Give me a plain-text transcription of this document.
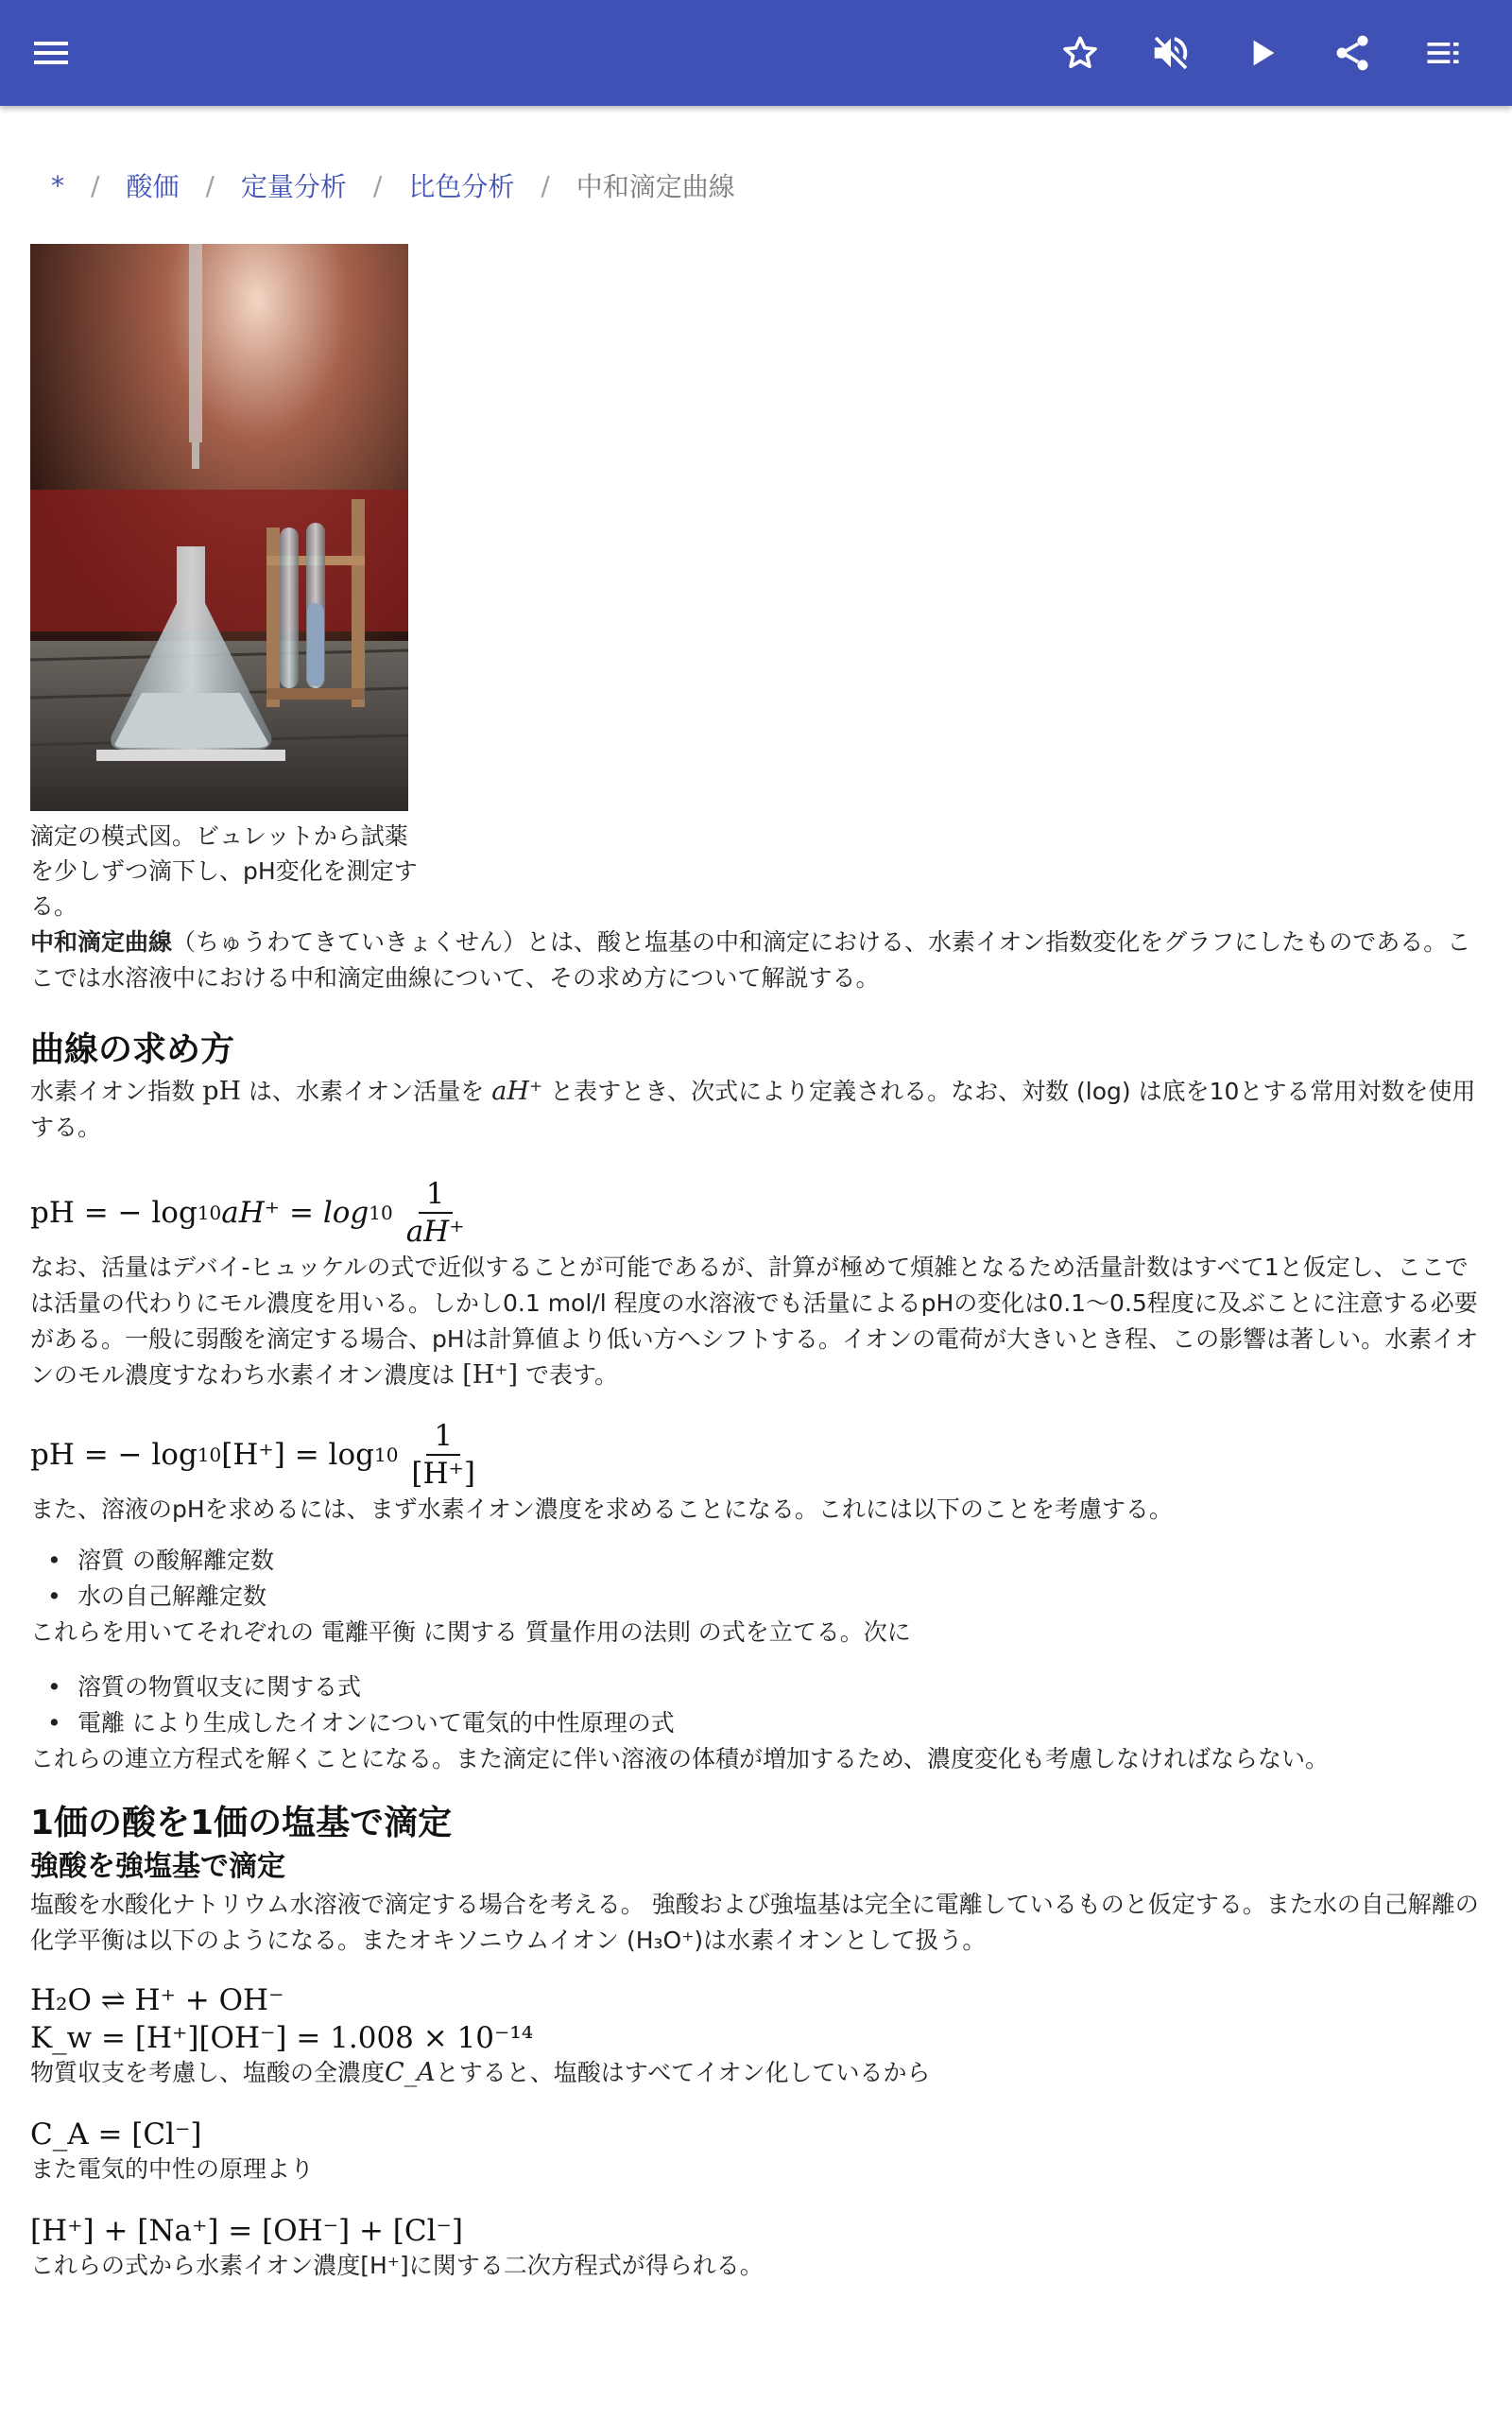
* / 酸価 / 定量分析 / 比色分析 / 中和滴定曲線
滴定の模式図。ビュレットから試薬を少しずつ滴下し、pH変化を測定する。

中和滴定曲線（ちゅうわてきていきょくせん）とは、酸と塩基の中和滴定における、水素イオン指数変化をグラフにしたものである。ここでは水溶液中における中和滴定曲線について、その求め方について解説する。

曲線の求め方

水素イオン指数 pH は、水素イオン活量を aH⁺ と表すとき、次式により定義される。なお、対数 (log) は底を10とする常用対数を使用する。

pH = − log 10 $aH^+ = \log 10 \frac{1}{aH^+}$

なお、活量はデバイ-ヒュッケルの式で近似することが可能であるが、計算が極めて煩雑となるため活量計数はすべて1と仮定し、ここでは活量の代わりにモル濃度を用いる。しかし0.1 mol/l 程度の水溶液でも活量によるpHの変化は0.1〜0.5程度に及ぶことに注意する必要がある。一般に弱酸を滴定する場合、pHは計算値より低い方へシフトする。イオンの電荷が大きいとき程、この影響は著しい。水素イオンのモル濃度すなわち水素イオン濃度は [H⁺] で表す。

pH = − log 10 $[H^+] = \log 10 \frac{1}{[H^+]}$

また、溶液のpHを求めるには、まず水素イオン濃度を求めることになる。これには以下のことを考慮する。

• 溶質 の酸解離定数
• 水の自己解離定数

これらを用いてそれぞれの 電離平衡 に関する 質量作用の法則 の式を立てる。次に

• 溶質の物質収支に関する式
• 電離 により生成したイオンについて電気的中性原理の式

これらの連立方程式を解くことになる。また滴定に伴い溶液の体積が増加するため、濃度変化も考慮しなければならない。

1価の酸を1価の塩基で滴定
強酸を強塩基で滴定

塩酸を水酸化ナトリウム水溶液で滴定する場合を考える。 強酸および強塩基は完全に電離しているものと仮定する。また水の自己解離の化学平衡は以下のようになる。またオキソニウムイオン (H₃O⁺)は水素イオンとして扱う。

H₂O ⇌ H⁺ + OH⁻
K_w = [H⁺][OH⁻] = 1.008 × 10⁻¹⁴

物質収支を考慮し、塩酸の全濃度C_Aとすると、塩酸はすべてイオン化しているから

C_A = [Cl⁻]

また電気的中性の原理より

[H⁺] + [Na⁺] = [OH⁻] + [Cl⁻]

これらの式から水素イオン濃度[H⁺]に関する二次方程式が得られる。
